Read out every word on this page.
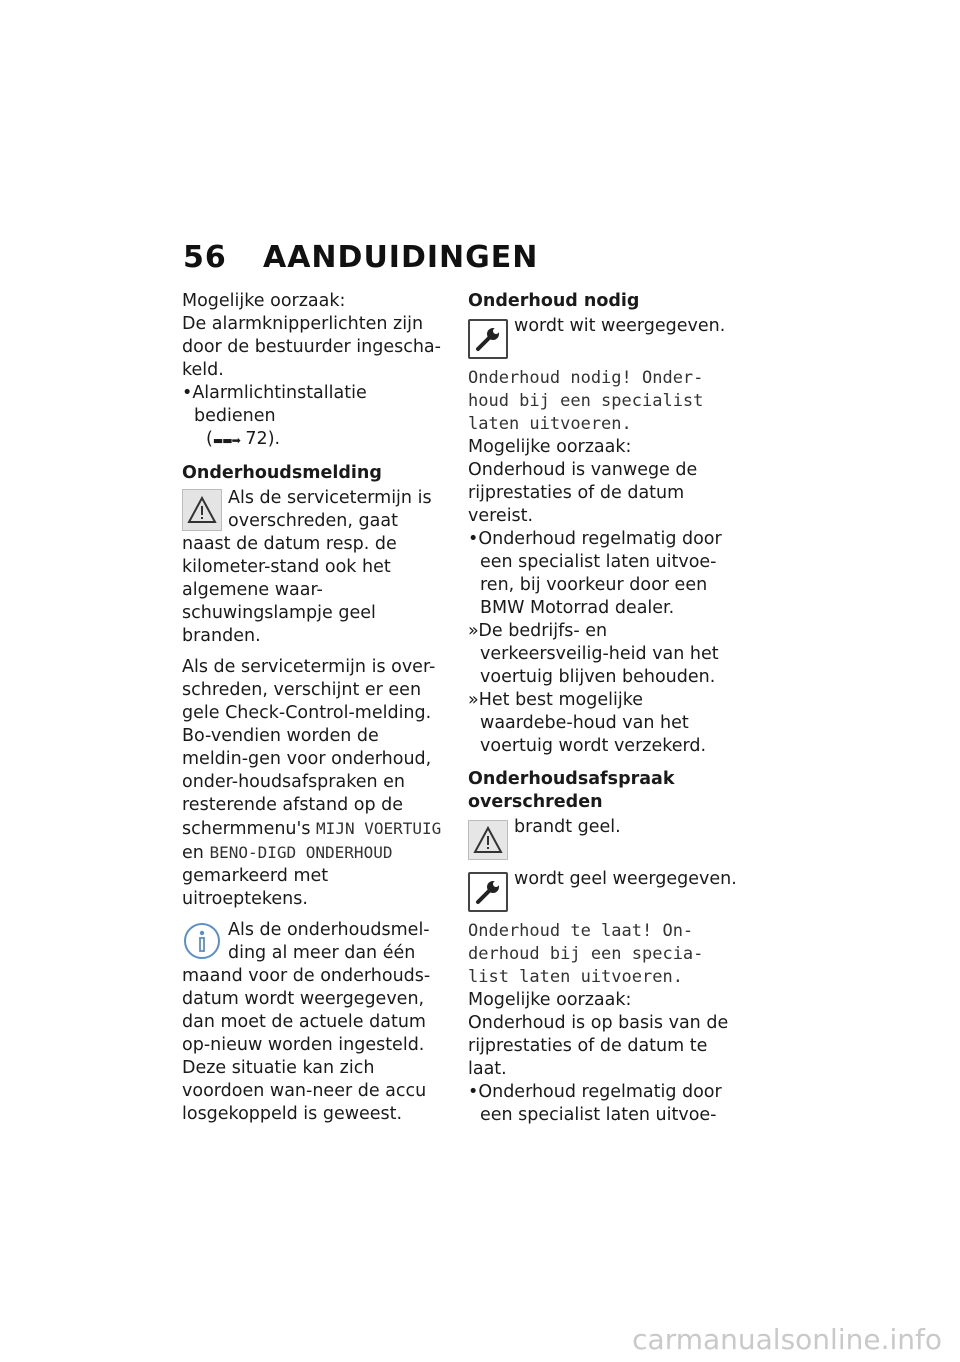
56 AANDUIDINGEN
Mogelijke oorzaak:
De alarmknipperlichten zijn door de bestuurder ingescha-keld.
•Alarmlichtinstallatie bedienen
(▬▬➡ 72).
Onderhoudsmelding
Als de servicetermijn is overschreden, gaat naast de datum resp. de kilometer-stand ook het algemene waar-schuwingslampje geel branden.
Als de servicetermijn is over-schreden, verschijnt er een gele Check-Control-melding. Bo-vendien worden de meldin-gen voor onderhoud, onder-houdsafspraken en resterende afstand op de schermmenu's MIJN VOERTUIG en BENO-DIGD ONDERHOUD gemarkeerd met uitroeptekens.
Als de onderhoudsmel-ding al meer dan één maand voor de onderhouds-datum wordt weergegeven, dan moet de actuele datum op-nieuw worden ingesteld. Deze situatie kan zich voordoen wan-neer de accu losgekoppeld is geweest.
Onderhoud nodig
wordt wit weergegeven.
Onderhoud nodig! Onder-houd bij een specialist laten uitvoeren.
Mogelijke oorzaak:
Onderhoud is vanwege de rijprestaties of de datum vereist.
•Onderhoud regelmatig door een specialist laten uitvoe-ren, bij voorkeur door een BMW Motorrad dealer.
»De bedrijfs- en verkeersveilig-heid van het voertuig blijven behouden.
»Het best mogelijke waardebe-houd van het voertuig wordt verzekerd.
Onderhoudsafspraak overschreden
brandt geel.
wordt geel weergegeven.
Onderhoud te laat! On-derhoud bij een specia-list laten uitvoeren.
Mogelijke oorzaak:
Onderhoud is op basis van de rijprestaties of de datum te laat.
•Onderhoud regelmatig door een specialist laten uitvoe-
carmanualsonline.info
